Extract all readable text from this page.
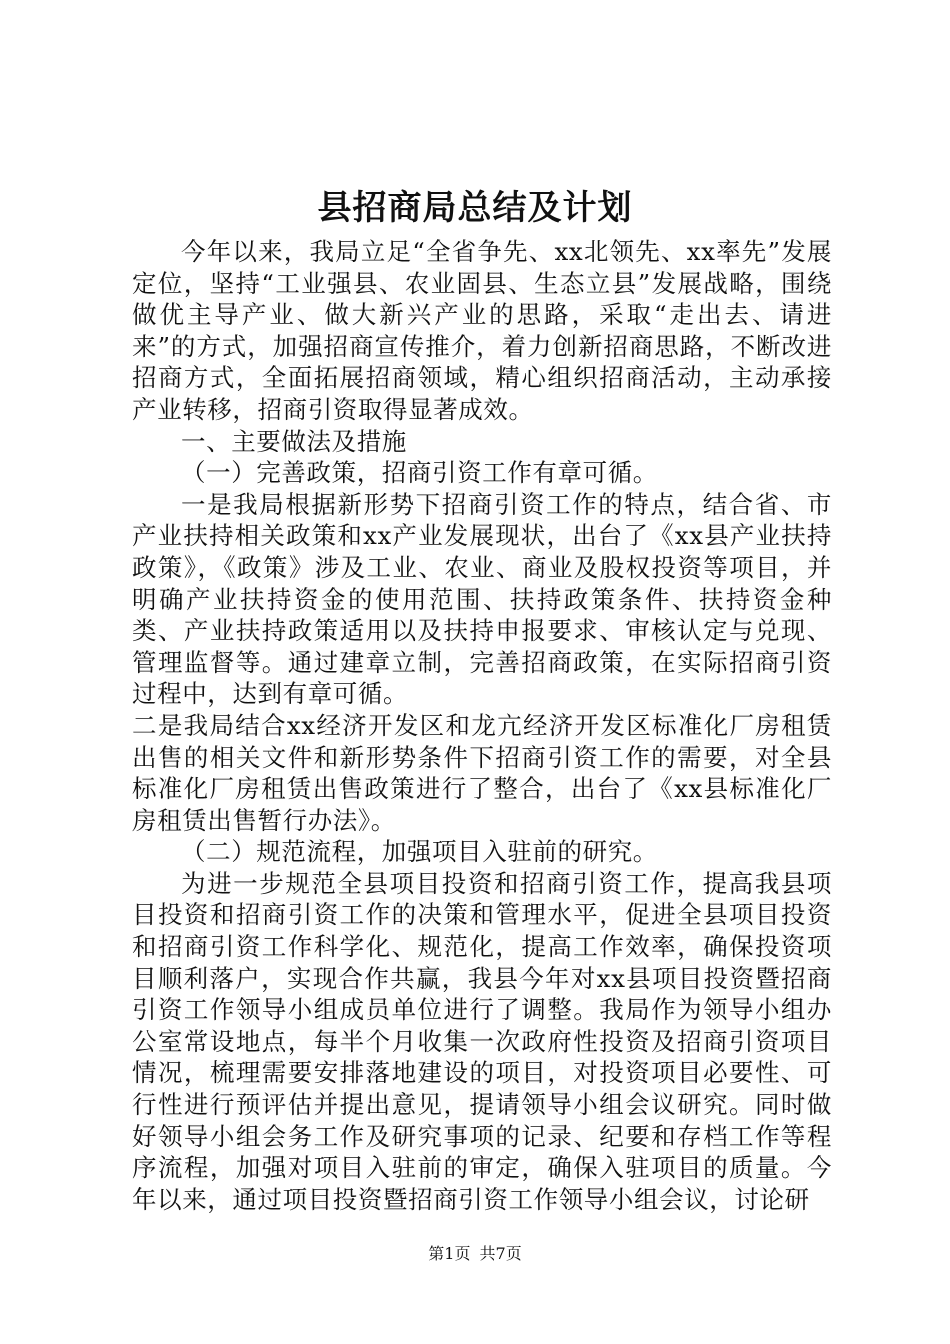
县招商局总结及计划

今年以来，我局立足“全省争先、xx北领先、xx率先”发展定位，坚持“工业强县、农业固县、生态立县”发展战略，围绕做优主导产业、做大新兴产业的思路，采取“走出去、请进来”的方式，加强招商宣传推介，着力创新招商思路，不断改进招商方式，全面拓展招商领域，精心组织招商活动，主动承接产业转移，招商引资取得显著成效。

一、主要做法及措施

（一）完善政策，招商引资工作有章可循。

一是我局根据新形势下招商引资工作的特点，结合省、市产业扶持相关政策和xx产业发展现状，出台了《xx县产业扶持政策》，《政策》涉及工业、农业、商业及股权投资等项目，并明确产业扶持资金的使用范围、扶持政策条件、扶持资金种类、产业扶持政策适用以及扶持申报要求、审核认定与兑现、管理监督等。通过建章立制，完善招商政策，在实际招商引资过程中，达到有章可循。

二是我局结合xx经济开发区和龙亢经济开发区标准化厂房租赁出售的相关文件和新形势条件下招商引资工作的需要，对全县标准化厂房租赁出售政策进行了整合，出台了《xx县标准化厂房租赁出售暂行办法》。

（二）规范流程，加强项目入驻前的研究。

为进一步规范全县项目投资和招商引资工作，提高我县项目投资和招商引资工作的决策和管理水平，促进全县项目投资和招商引资工作科学化、规范化，提高工作效率，确保投资项目顺利落户，实现合作共赢，我县今年对xx县项目投资暨招商引资工作领导小组成员单位进行了调整。我局作为领导小组办公室常设地点，每半个月收集一次政府性投资及招商引资项目情况，梳理需要安排落地建设的项目，对投资项目必要性、可行性进行预评估并提出意见，提请领导小组会议研究。同时做好领导小组会务工作及研究事项的记录、纪要和存档工作等程序流程，加强对项目入驻前的审定，确保入驻项目的质量。今年以来，通过项目投资暨招商引资工作领导小组会议，讨论研

第1页 共7页
